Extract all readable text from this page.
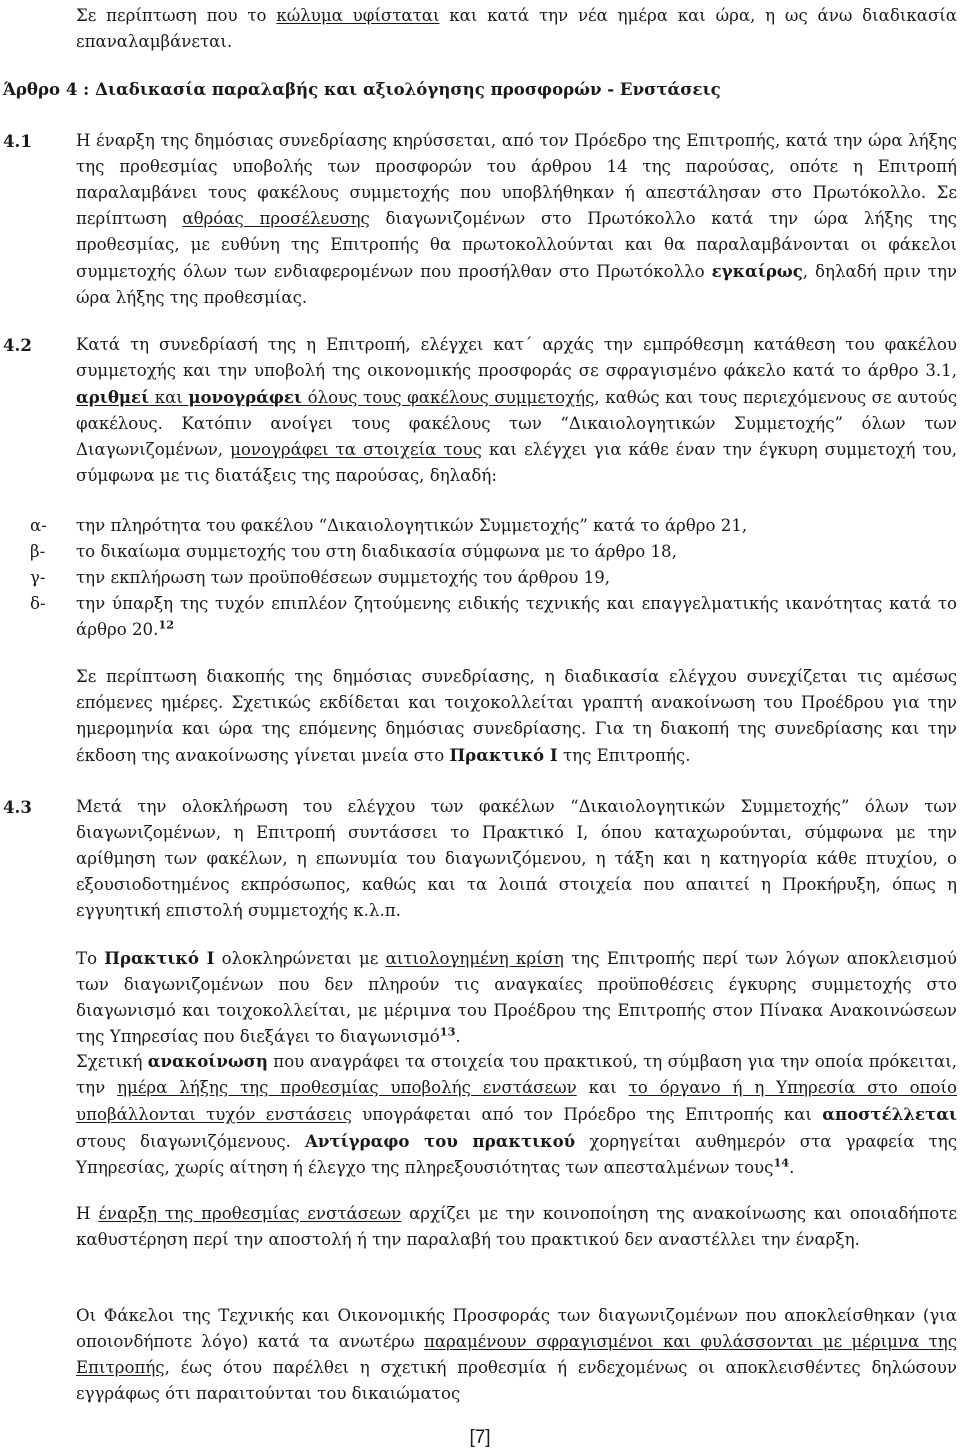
Σε περίπτωση που το κώλυμα υφίσταται και κατά την νέα ημέρα και ώρα, η ως άνω διαδικασία επαναλαμβάνεται.
Άρθρο 4 : Διαδικασία παραλαβής και αξιολόγησης προσφορών - Ενστάσεις
4.1	Η έναρξη της δημόσιας συνεδρίασης κηρύσσεται, από τον Πρόεδρο της Επιτροπής, κατά την ώρα λήξης της προθεσμίας υποβολής των προσφορών του άρθρου 14 της παρούσας, οπότε η Επιτροπή παραλαμβάνει τους φακέλους συμμετοχής που υποβλήθηκαν ή απεστάλησαν στο Πρωτόκολλο. Σε περίπτωση αθρόας προσέλευσης διαγωνιζομένων στο Πρωτόκολλο κατά την ώρα λήξης της προθεσμίας, με ευθύνη της Επιτροπής θα πρωτοκολλούνται και θα παραλαμβάνονται οι φάκελοι συμμετοχής όλων των ενδιαφερομένων που προσήλθαν στο Πρωτόκολλο εγκαίρως, δηλαδή πριν την ώρα λήξης της προθεσμίας.
4.2	Κατά τη συνεδρίασή της η Επιτροπή, ελέγχει κατ΄ αρχάς την εμπρόθεσμη κατάθεση του φακέλου συμμετοχής και την υποβολή της οικονομικής προσφοράς σε σφραγισμένο φάκελο κατά το άρθρο 3.1, αριθμεί και μονογράφει όλους τους φακέλους συμμετοχής, καθώς και τους περιεχόμενους σε αυτούς φακέλους. Κατόπιν ανοίγει τους φακέλους των “Δικαιολογητικών Συμμετοχής” όλων των Διαγωνιζομένων, μονογράφει τα στοιχεία τους και ελέγχει για κάθε έναν την έγκυρη συμμετοχή του, σύμφωνα με τις διατάξεις της παρούσας, δηλαδή:
α- την πληρότητα του φακέλου “Δικαιολογητικών Συμμετοχής” κατά το άρθρο 21,
β- το δικαίωμα συμμετοχής του στη διαδικασία σύμφωνα με το άρθρο 18,
γ- την εκπλήρωση των προϋποθέσεων συμμετοχής του άρθρου 19,
δ-	την ύπαρξη της τυχόν επιπλέον ζητούμενης ειδικής τεχνικής και επαγγελματικής ικανότητας κατά το άρθρο 20.12
Σε περίπτωση διακοπής της δημόσιας συνεδρίασης, η διαδικασία ελέγχου συνεχίζεται τις αμέσως επόμενες ημέρες. Σχετικώς εκδίδεται και τοιχοκολλείται γραπτή ανακοίνωση του Προέδρου για την ημερομηνία και ώρα της επόμενης δημόσιας συνεδρίασης. Για τη διακοπή της συνεδρίασης και την έκδοση της ανακοίνωσης γίνεται μνεία στο Πρακτικό Ι της Επιτροπής.
4.3	Μετά την ολοκλήρωση του ελέγχου των φακέλων “Δικαιολογητικών Συμμετοχής” όλων των διαγωνιζομένων, η Επιτροπή συντάσσει το Πρακτικό Ι, όπου καταχωρούνται, σύμφωνα με την αρίθμηση των φακέλων, η επωνυμία του διαγωνιζόμενου, η τάξη και η κατηγορία κάθε πτυχίου, ο εξουσιοδοτημένος εκπρόσωπος, καθώς και τα λοιπά στοιχεία που απαιτεί η Προκήρυξη, όπως η εγγυητική επιστολή συμμετοχής κ.λ.π.
Το Πρακτικό Ι ολοκληρώνεται με αιτιολογημένη κρίση της Επιτροπής περί των λόγων αποκλεισμού των διαγωνιζομένων που δεν πληρούν τις αναγκαίες προϋποθέσεις έγκυρης συμμετοχής στο διαγωνισμό και τοιχοκολλείται, με μέριμνα του Προέδρου της Επιτροπής στον Πίνακα Ανακοινώσεων της Υπηρεσίας που διεξάγει το διαγωνισμό$^{13}$.
Σχετική ανακοίνωση που αναγράφει τα στοιχεία του πρακτικού, τη σύμβαση για την οποία πρόκειται, την ημέρα λήξης της προθεσμίας υποβολής ενστάσεων και το όργανο ή η Υπηρεσία στο οποίο υποβάλλονται τυχόν ενστάσεις υπογράφεται από τον Πρόεδρο της Επιτροπής και αποστέλλεται στους διαγωνιζόμενους. Αντίγραφο του πρακτικού χορηγείται αυθημερόν στα γραφεία της Υπηρεσίας, χωρίς αίτηση ή έλεγχο της πληρεξουσιότητας των απεσταλμένων τους$^{14}$.
Η έναρξη της προθεσμίας ενστάσεων αρχίζει με την κοινοποίηση της ανακοίνωσης και οποιαδήποτε καθυστέρηση περί την αποστολή ή την παραλαβή του πρακτικού δεν αναστέλλει την έναρξη.
Οι Φάκελοι της Τεχνικής και Οικονομικής Προσφοράς των διαγωνιζομένων που αποκλείσθηκαν (για οποιονδήποτε λόγο) κατά τα ανωτέρω παραμένουν σφραγισμένοι και φυλάσσονται με μέριμνα της Επιτροπής, έως ότου παρέλθει η σχετική προθεσμία ή ενδεχομένως οι αποκλεισθέντες δηλώσουν εγγράφως ότι παραιτούνται του δικαιώματος
[7]
